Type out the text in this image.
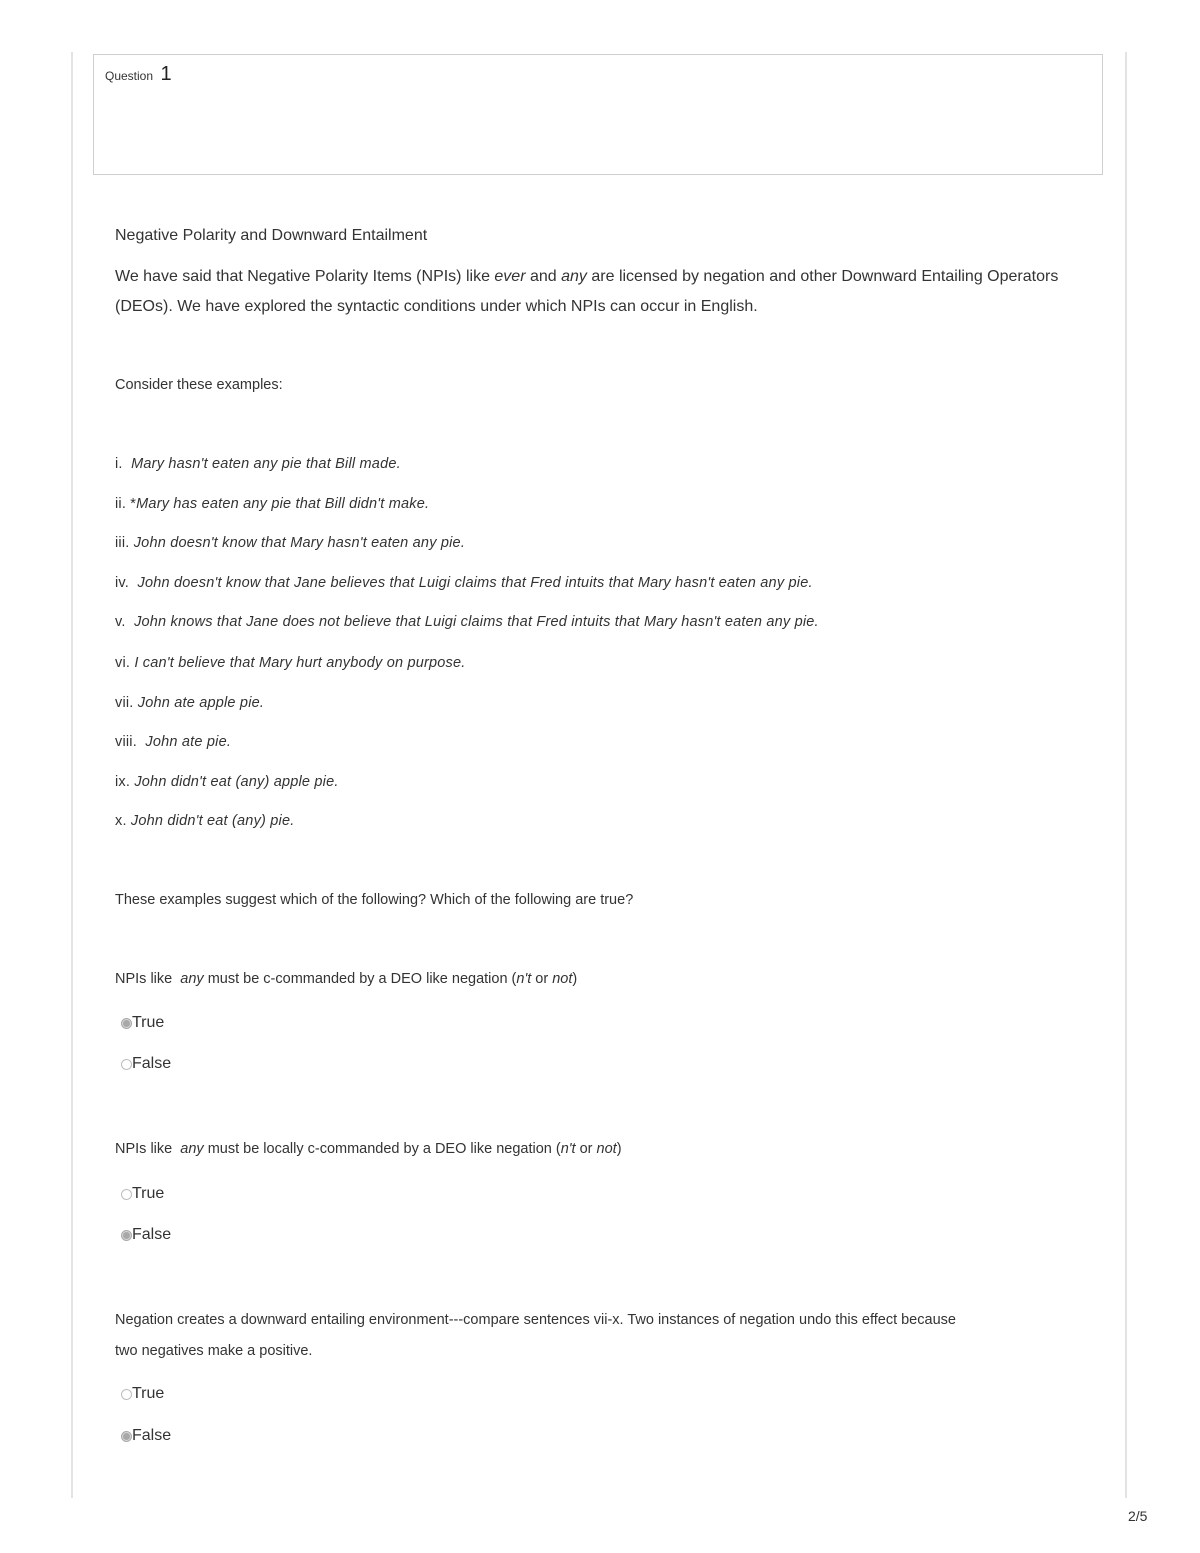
Question 1
Negative Polarity and Downward Entailment
We have said that Negative Polarity Items (NPIs) like ever and any are licensed by negation and other Downward Entailing Operators (DEOs). We have explored the syntactic conditions under which NPIs can occur in English.
Consider these examples:
i. Mary hasn't eaten any pie that Bill made.
ii. *Mary has eaten any pie that Bill didn't make.
iii. John doesn't know that Mary hasn't eaten any pie.
iv. John doesn't know that Jane believes that Luigi claims that Fred intuits that Mary hasn't eaten any pie.
v. John knows that Jane does not believe that Luigi claims that Fred intuits that Mary hasn't eaten any pie.
vi. I can't believe that Mary hurt anybody on purpose.
vii. John ate apple pie.
viii. John ate pie.
ix. John didn't eat (any) apple pie.
x. John didn't eat (any) pie.
These examples suggest which of the following? Which of the following are true?
NPIs like  any must be c-commanded by a DEO like negation (n't or not)
True
False
NPIs like  any must be locally c-commanded by a DEO like negation (n't or not)
True
False
Negation creates a downward entailing environment---compare sentences vii-x. Two instances of negation undo this effect because
two negatives make a positive.
True
False
2/5
